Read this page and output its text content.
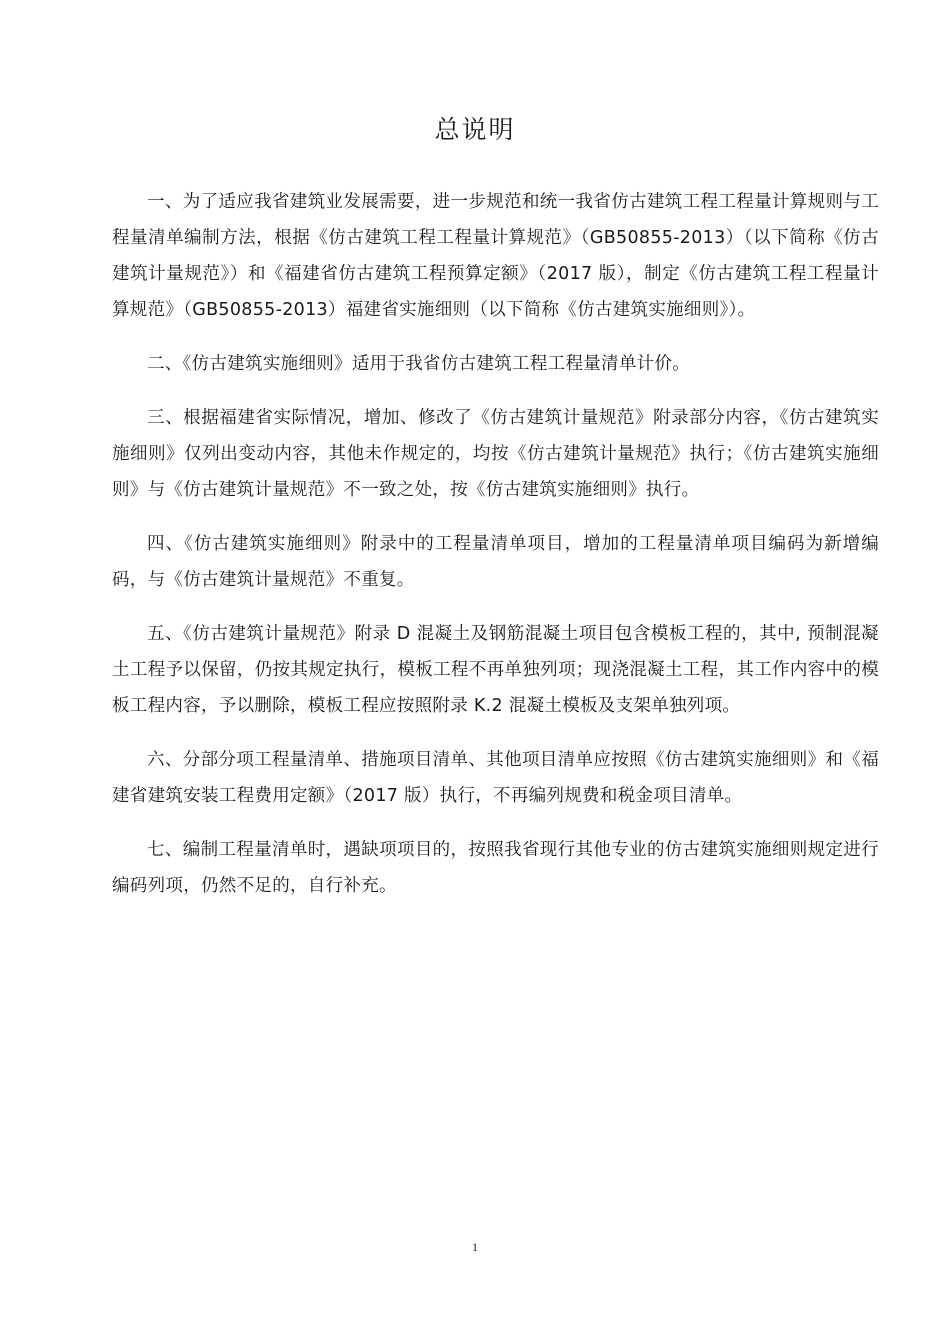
总说明

一、为了适应我省建筑业发展需要，进一步规范和统一我省仿古建筑工程工程量计算规则与工程量清单编制方法，根据《仿古建筑工程工程量计算规范》（GB50855-2013）（以下简称《仿古建筑计量规范》）和《福建省仿古建筑工程预算定额》（2017 版），制定《仿古建筑工程工程量计算规范》（GB50855-2013）福建省实施细则（以下简称《仿古建筑实施细则》）。

二、《仿古建筑实施细则》适用于我省仿古建筑工程工程量清单计价。

三、根据福建省实际情况，增加、修改了《仿古建筑计量规范》附录部分内容，《仿古建筑实施细则》仅列出变动内容，其他未作规定的，均按《仿古建筑计量规范》执行；《仿古建筑实施细则》与《仿古建筑计量规范》不一致之处，按《仿古建筑实施细则》执行。

四、《仿古建筑实施细则》附录中的工程量清单项目，增加的工程量清单项目编码为新增编码，与《仿古建筑计量规范》不重复。

五、《仿古建筑计量规范》附录 D 混凝土及钢筋混凝土项目包含模板工程的，其中, 预制混凝土工程予以保留，仍按其规定执行，模板工程不再单独列项；现浇混凝土工程，其工作内容中的模板工程内容，予以删除，模板工程应按照附录 K.2 混凝土模板及支架单独列项。

六、分部分项工程量清单、措施项目清单、其他项目清单应按照《仿古建筑实施细则》和《福建省建筑安装工程费用定额》（2017 版）执行，不再编列规费和税金项目清单。

七、编制工程量清单时，遇缺项项目的，按照我省现行其他专业的仿古建筑实施细则规定进行编码列项，仍然不足的，自行补充。

1
